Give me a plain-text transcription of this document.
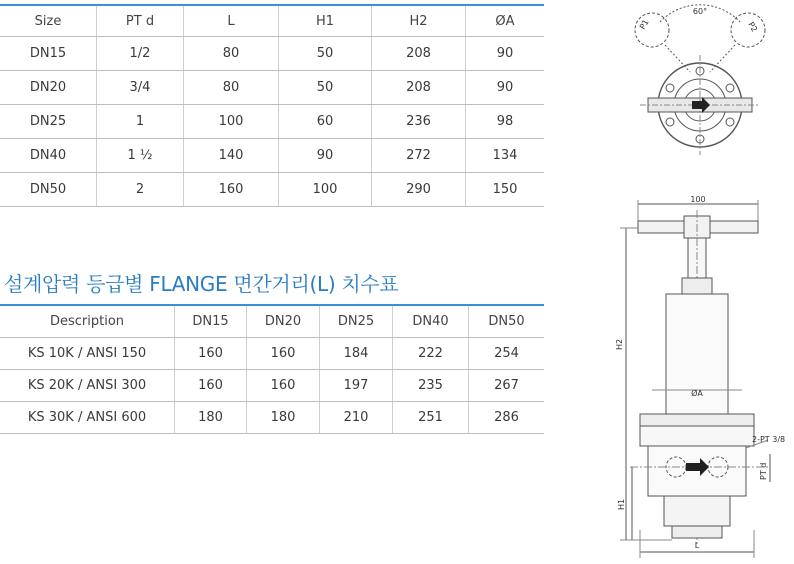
Size	PT d	L	H1	H2	ØA
DN15	1/2	80	50	208	90
DN20	3/4	80	50	208	90
DN25	1	100	60	236	98
DN40	1 ½	140	90	272	134
DN50	2	160	100	290	150
설계압력 등급별 FLANGE 면간거리(L) 치수표
Description	DN15	DN20	DN25	DN40	DN50
KS 10K / ANSI 150	160	160	184	222	254
KS 20K / ANSI 300	160	160	197	235	267
KS 30K / ANSI 600	180	180	210	251	286
60°
P1	P2
100
H2
ØA
2-PT 3/8
PT d
H1
L
